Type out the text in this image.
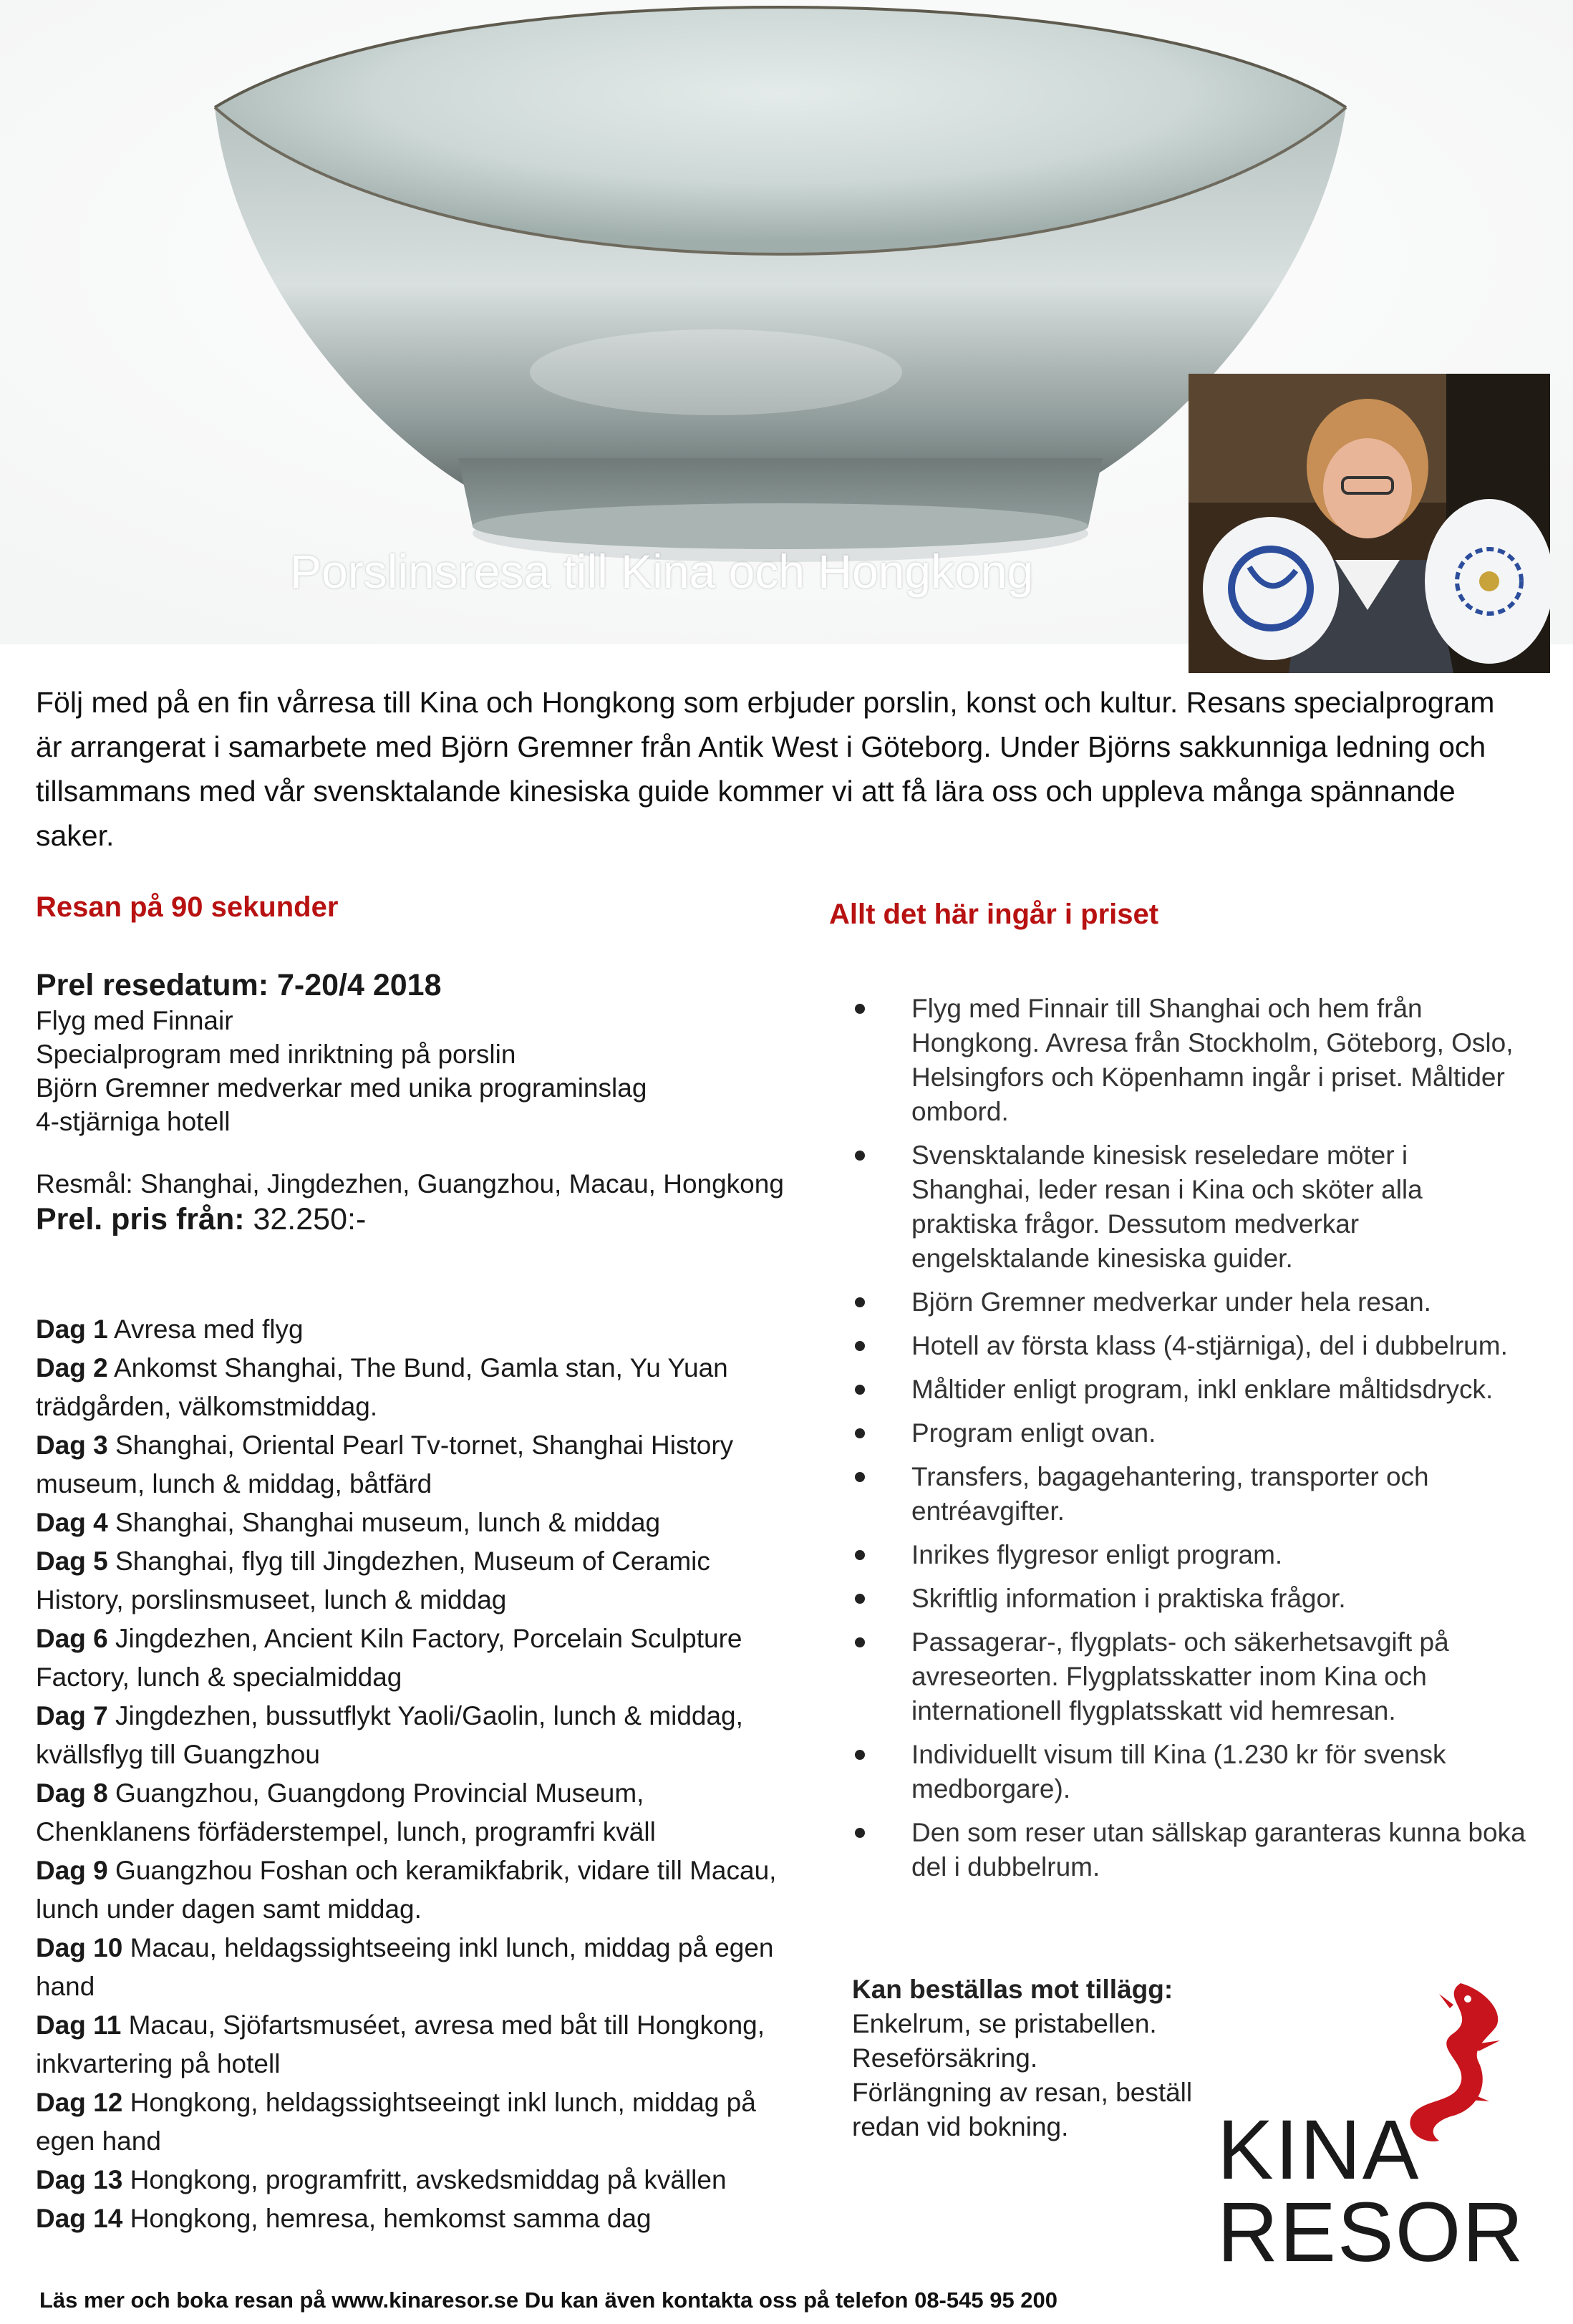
Porslinsresa till Kina och Hongkong
Följ med på en fin vårresa till Kina och Hongkong som erbjuder porslin, konst och kultur. Resans specialprogram är arrangerat i samarbete med Björn Gremner från Antik West i Göteborg. Under Björns sakkunniga ledning och tillsammans med vår svensktalande kinesiska guide kommer vi att få lära oss och uppleva många spännande saker.
Resan på 90 sekunder
Prel resedatum: 7-20/4 2018
Flyg med Finnair
Specialprogram med inriktning på porslin
Björn Gremner medverkar med unika programinslag
4-stjärniga hotell
Resmål: Shanghai, Jingdezhen, Guangzhou, Macau, Hongkong
Prel. pris från: 32.250:-
Dag 1 Avresa med flyg
Dag 2 Ankomst Shanghai, The Bund, Gamla stan, Yu Yuan trädgården, välkomstmiddag.
Dag 3 Shanghai, Oriental Pearl Tv-tornet, Shanghai History museum, lunch & middag, båtfärd
Dag 4 Shanghai, Shanghai museum, lunch & middag
Dag 5 Shanghai, flyg till Jingdezhen, Museum of Ceramic History, porslinsmuseet, lunch & middag
Dag 6 Jingdezhen, Ancient Kiln Factory, Porcelain Sculpture Factory, lunch & specialmiddag
Dag 7 Jingdezhen, bussutflykt Yaoli/Gaolin, lunch & middag, kvällsflyg till Guangzhou
Dag 8 Guangzhou, Guangdong Provincial Museum, Chenklanens förfäderstempel, lunch, programfri kväll
Dag 9 Guangzhou Foshan och keramikfabrik, vidare till Macau, lunch under dagen samt middag.
Dag 10 Macau, heldagssightseeing inkl lunch, middag på egen hand
Dag 11 Macau, Sjöfartsmuséet, avresa med båt till Hongkong, inkvartering på hotell
Dag 12 Hongkong, heldagssightseeingt inkl lunch, middag på egen hand
Dag 13 Hongkong, programfritt, avskedsmiddag på kvällen
Dag 14 Hongkong, hemresa, hemkomst samma dag
Allt det här ingår i priset
Flyg med Finnair till Shanghai och hem från Hongkong. Avresa från Stockholm, Göteborg, Oslo, Helsingfors och Köpenhamn ingår i priset. Måltider ombord.
Svensktalande kinesisk reseledare möter i Shanghai, leder resan i Kina och sköter alla praktiska frågor. Dessutom medverkar engelsktalande kinesiska guider.
Björn Gremner medverkar under hela resan.
Hotell av första klass (4-stjärniga), del i dubbelrum.
Måltider enligt program, inkl enklare måltidsdryck.
Program enligt ovan.
Transfers, bagagehantering, transporter och entréavgifter.
Inrikes flygresor enligt program.
Skriftlig information i praktiska frågor.
Passagerar-, flygplats- och säkerhetsavgift på avreseorten. Flygplatsskatter inom Kina och internationell flygplatsskatt vid hemresan.
Individuellt visum till Kina (1.230 kr för svensk medborgare).
Den som reser utan sällskap garanteras kunna boka del i dubbelrum.
Kan beställas mot tillägg:
Enkelrum, se pristabellen.
Reseförsäkring.
Förlängning av resan, beställ redan vid bokning.	KINA
RESOR
Läs mer och boka resan på www.kinaresor.se Du kan även kontakta oss på telefon 08-545 95 200
